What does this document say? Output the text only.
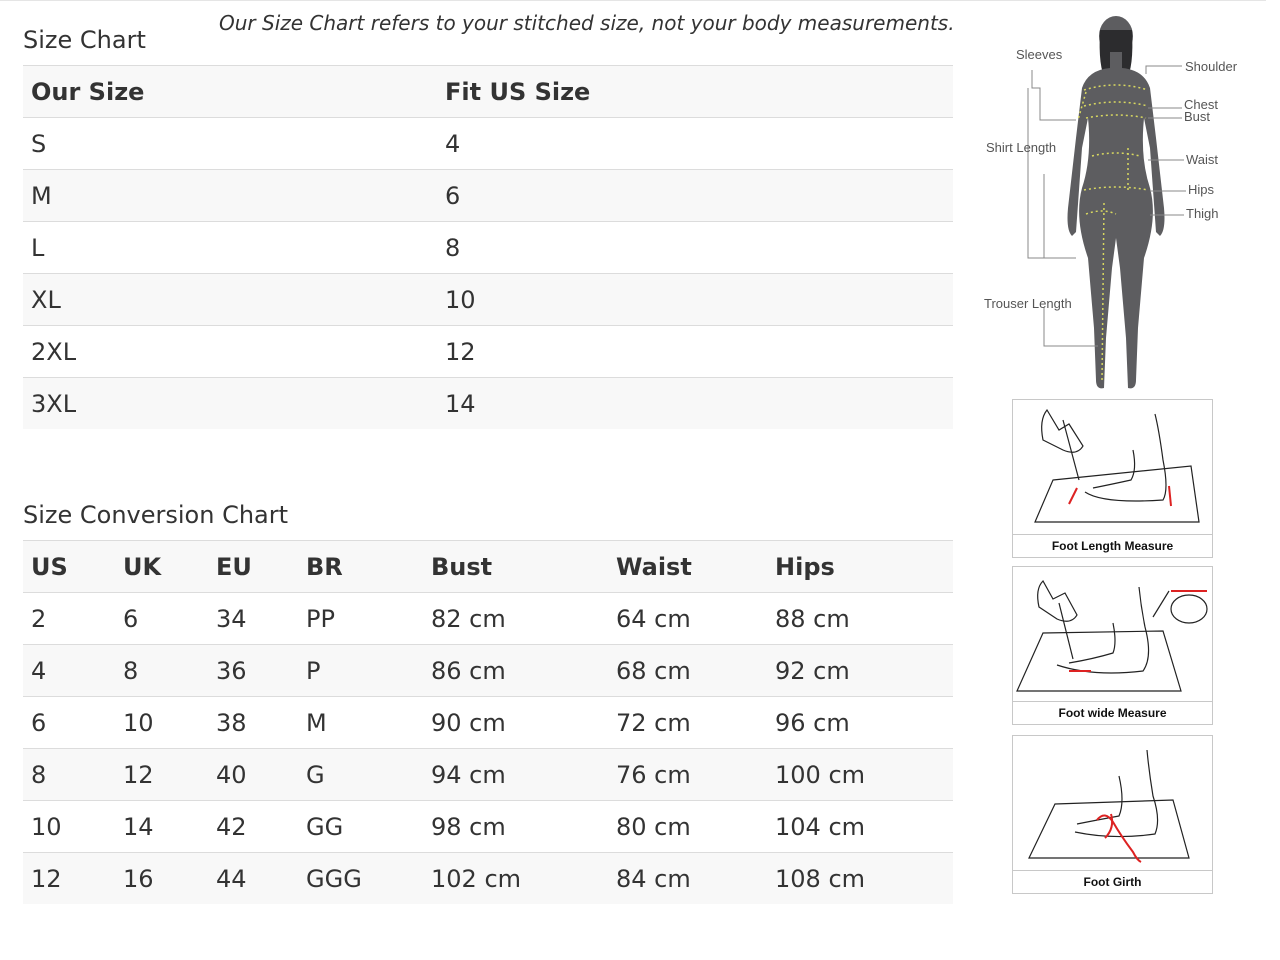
Our Size Chart refers to your stitched size, not your body measurements.
Size Chart
Our Size	Fit US Size
S	4
M	6
L	8
XL	10
2XL	12
3XL	14
Size Conversion Chart
US	UK	EU	BR	Bust	Waist	Hips
2	6	34	PP	82 cm	64 cm	88 cm
4	8	36	P	86 cm	68 cm	92 cm
6	10	38	M	90 cm	72 cm	96 cm
8	12	40	G	94 cm	76 cm	100 cm
10	14	42	GG	98 cm	80 cm	104 cm
12	16	44	GGG	102 cm	84 cm	108 cm
Sleeves
Shoulder
Chest
Bust
Shirt Length
Waist
Hips
Thigh
Trouser Length
Foot Length Measure
Foot wide Measure
Foot Girth
